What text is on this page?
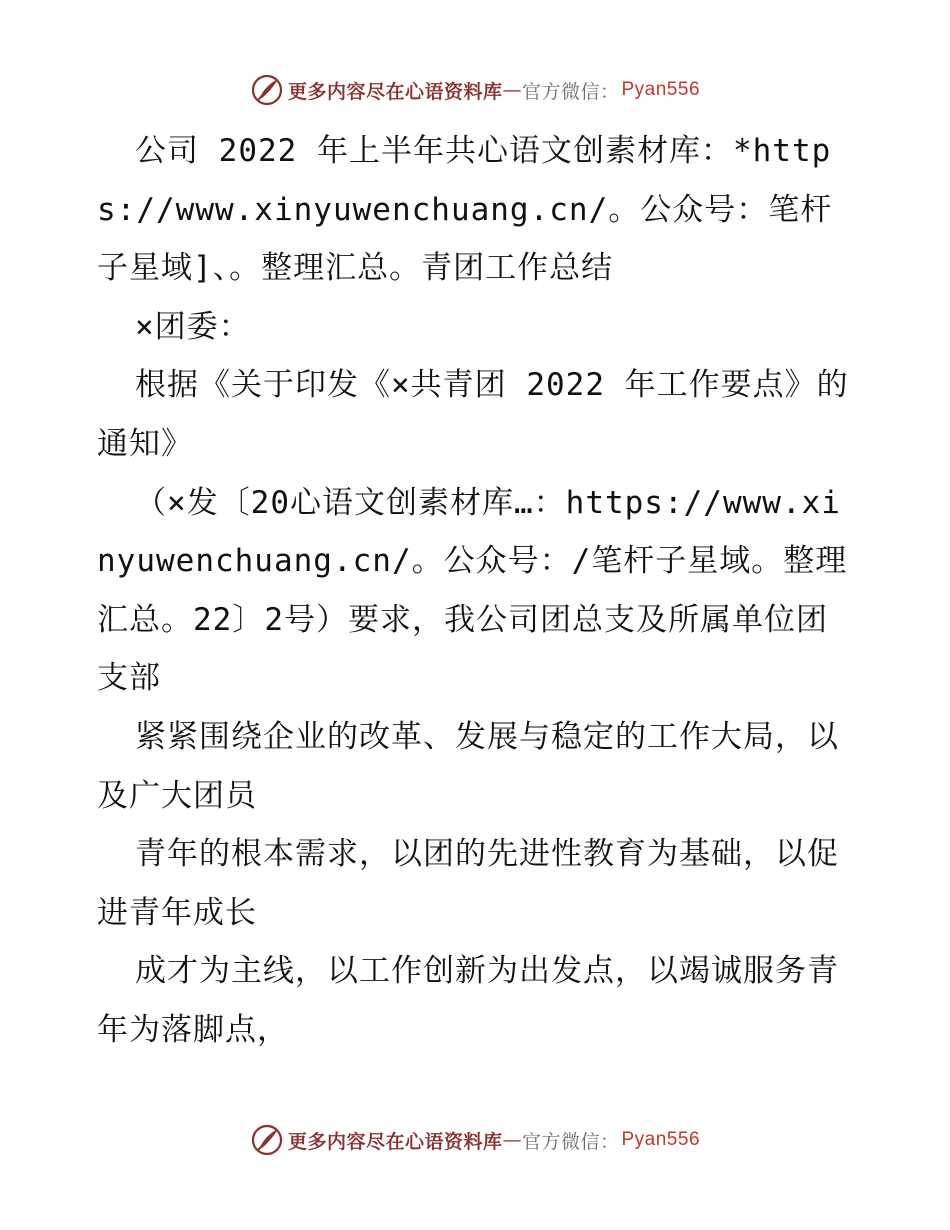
更多内容尽在心语资料库 — 官方微信： Pyan556

公司 2022 年上半年共心语文创素材库：*https://www.xinyuwenchuang.cn/。公众号：笔杆子星域]、。整理汇总。青团工作总结

×团委：

根据《关于印发《×共青团 2022 年工作要点》的通知》

（×发〔20心语文创素材库…：https://www.xinyuwenchuang.cn/。公众号：/笔杆子星域。整理汇总。22〕2号）要求，我公司团总支及所属单位团支部

紧紧围绕企业的改革、发展与稳定的工作大局，以及广大团员

青年的根本需求，以团的先进性教育为基础，以促进青年成长

成才为主线，以工作创新为出发点，以竭诚服务青年为落脚点，

更多内容尽在心语资料库 — 官方微信： Pyan556
